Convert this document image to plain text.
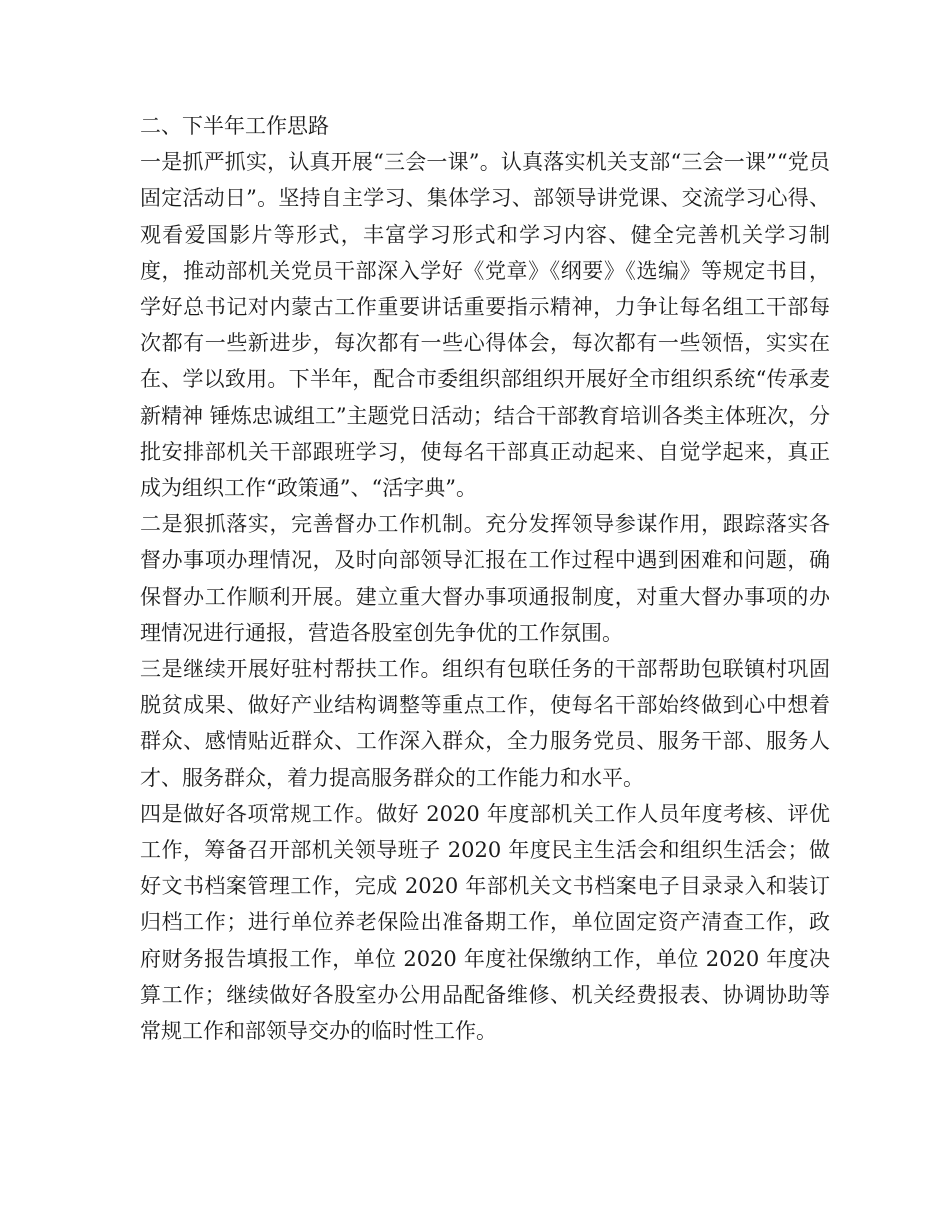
二、下半年工作思路
一是抓严抓实，认真开展“三会一课”。认真落实机关支部“三会一课”“党员固定活动日”。坚持自主学习、集体学习、部领导讲党课、交流学习心得、观看爱国影片等形式，丰富学习形式和学习内容、健全完善机关学习制度，推动部机关党员干部深入学好《党章》《纲要》《选编》等规定书目，学好总书记对内蒙古工作重要讲话重要指示精神，力争让每名组工干部每次都有一些新进步，每次都有一些心得体会，每次都有一些领悟，实实在在、学以致用。下半年，配合市委组织部组织开展好全市组织系统“传承麦新精神 锤炼忠诚组工”主题党日活动；结合干部教育培训各类主体班次，分批安排部机关干部跟班学习，使每名干部真正动起来、自觉学起来，真正成为组织工作“政策通”、“活字典”。
二是狠抓落实，完善督办工作机制。充分发挥领导参谋作用，跟踪落实各督办事项办理情况，及时向部领导汇报在工作过程中遇到困难和问题，确保督办工作顺利开展。建立重大督办事项通报制度，对重大督办事项的办理情况进行通报，营造各股室创先争优的工作氛围。
三是继续开展好驻村帮扶工作。组织有包联任务的干部帮助包联镇村巩固脱贫成果、做好产业结构调整等重点工作，使每名干部始终做到心中想着群众、感情贴近群众、工作深入群众，全力服务党员、服务干部、服务人才、服务群众，着力提高服务群众的工作能力和水平。
四是做好各项常规工作。做好 2020 年度部机关工作人员年度考核、评优工作，筹备召开部机关领导班子 2020 年度民主生活会和组织生活会；做好文书档案管理工作，完成 2020 年部机关文书档案电子目录录入和装订归档工作；进行单位养老保险出准备期工作，单位固定资产清查工作，政府财务报告填报工作，单位 2020 年度社保缴纳工作，单位 2020 年度决算工作；继续做好各股室办公用品配备维修、机关经费报表、协调协助等常规工作和部领导交办的临时性工作。
